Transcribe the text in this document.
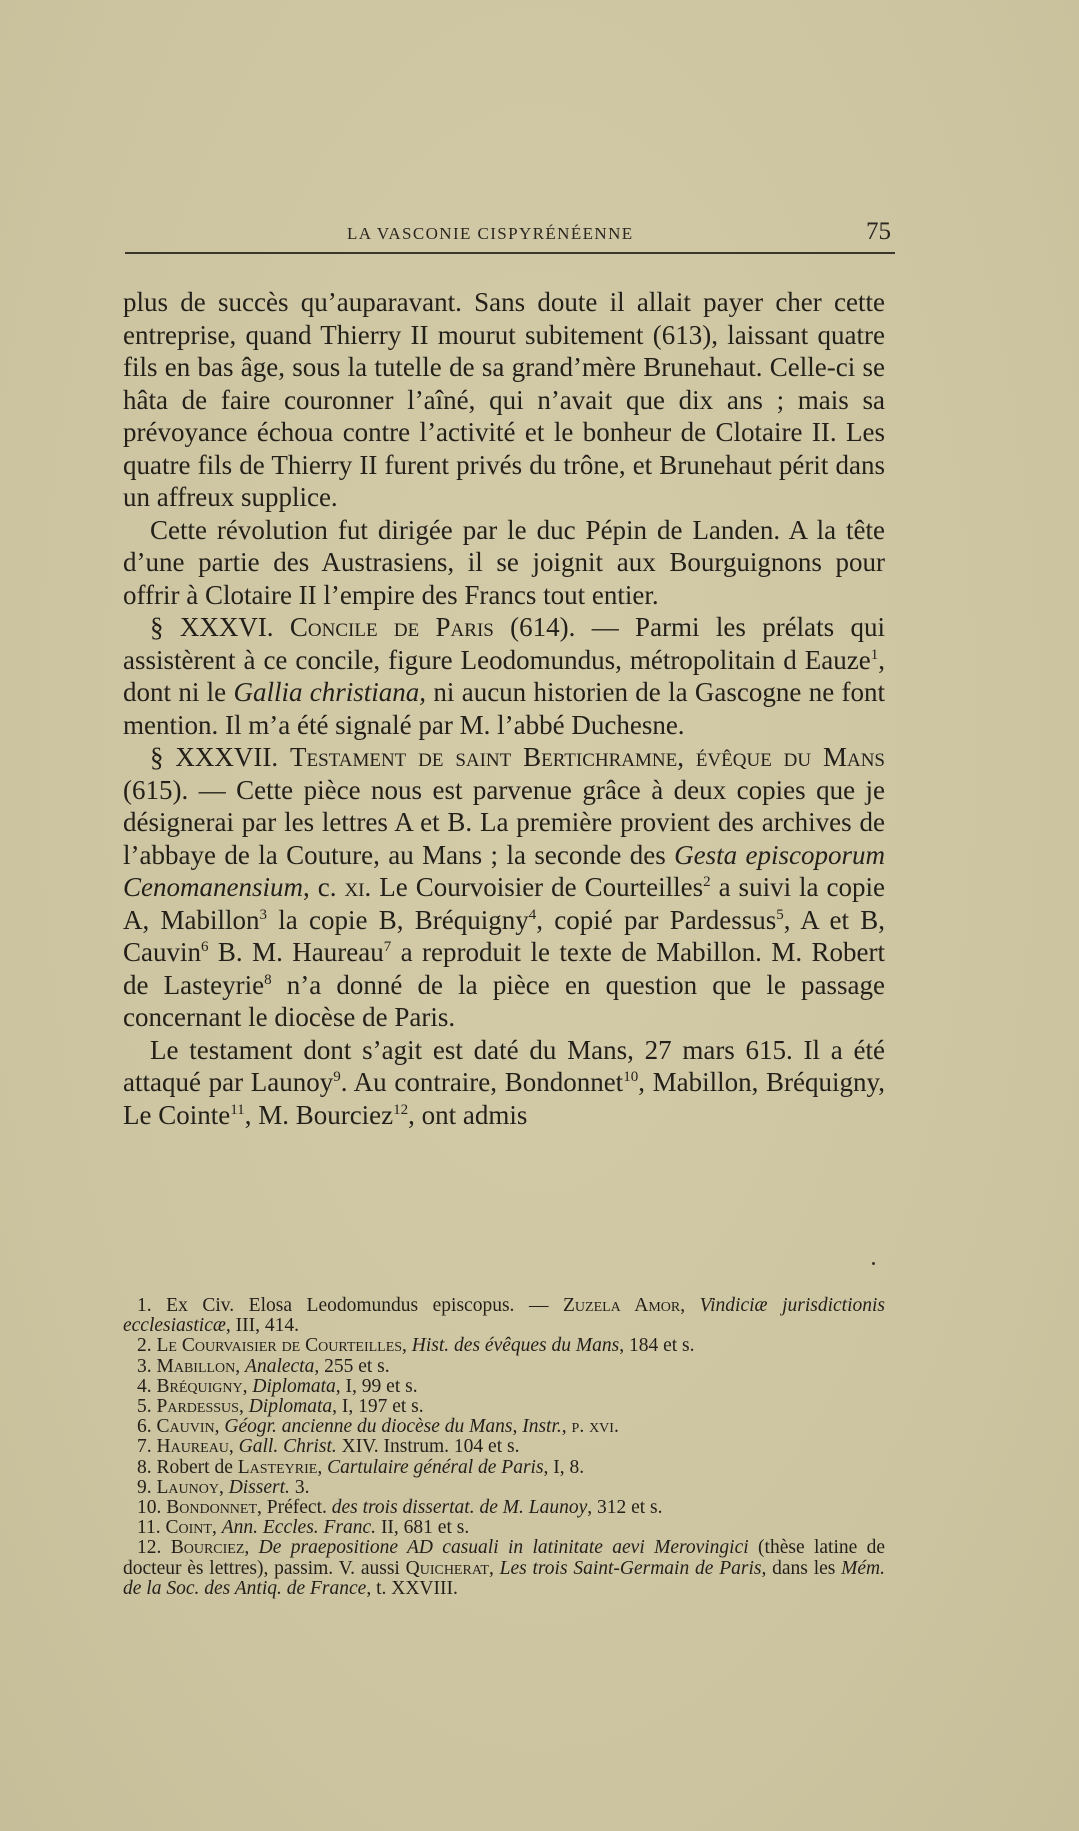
LA VASCONIE CISPYRÉNÉENNE	75

plus de succès qu’auparavant. Sans doute il allait payer cher cette entreprise, quand Thierry II mourut subitement (613), laissant quatre fils en bas âge, sous la tutelle de sa grand’mère Brunehaut. Celle-ci se hâta de faire couronner l’aîné, qui n’avait que dix ans ; mais sa prévoyance échoua contre l’activité et le bonheur de Clotaire II. Les quatre fils de Thierry II furent privés du trône, et Brunehaut périt dans un affreux supplice.

Cette révolution fut dirigée par le duc Pépin de Landen. A la tête d’une partie des Austrasiens, il se joignit aux Bourguignons pour offrir à Clotaire II l’empire des Francs tout entier.

§ XXXVI. Concile de Paris (614). — Parmi les prélats qui assistèrent à ce concile, figure Leodomundus, métropolitain d Eauze$^1$, dont ni le Gallia christiana, ni aucun historien de la Gascogne ne font mention. Il m’a été signalé par M. l’abbé Duchesne.

§ XXXVII. Testament de saint Bertichramne, évêque du Mans (615). — Cette pièce nous est parvenue grâce à deux copies que je désignerai par les lettres A et B. La première provient des archives de l’abbaye de la Couture, au Mans ; la seconde des Gesta episcoporum Cenomanensium, c. xi. Le Courvoisier de Courteilles$^2$ a suivi la copie A, Mabillon$^3$ la copie B, Bréquigny$^4$, copié par Pardessus$^5$, A et B, Cauvin$^6$ B. M. Haureau$^7$ a reproduit le texte de Mabillon. M. Robert de Lasteyrie$^8$ n’a donné de la pièce en question que le passage concernant le diocèse de Paris.

Le testament dont s’agit est daté du Mans, 27 mars 615. Il a été attaqué par Launoy$^9$. Au contraire, Bondonnet$^{10}$, Mabillon, Bréquigny, Le Cointe$^{11}$, M. Bourciez$^{12}$, ont admis

1. Ex Civ. Elosa Leodomundus episcopus. — Zuzela Amor, Vindiciæ jurisdictionis ecclesiasticæ, III, 414.

2. Le Courvaisier de Courteilles, Hist. des évêques du Mans, 184 et s.

3. Mabillon, Analecta, 255 et s.

4. Bréquigny, Diplomata, I, 99 et s.

5. Pardessus, Diplomata, I, 197 et s.

6. Cauvin, Géogr. ancienne du diocèse du Mans, Instr., p. xvi.

7. Haureau, Gall. Christ. XIV. Instrum. 104 et s.

8. Robert de Lasteyrie, Cartulaire général de Paris, I, 8.

9. Launoy, Dissert. 3.

10. Bondonnet, Préfect. des trois dissertat. de M. Launoy, 312 et s.

11. Coint, Ann. Eccles. Franc. II, 681 et s.

12. Bourciez, De praepositione AD casuali in latinitate aevi Merovingici (thèse latine de docteur ès lettres), passim. V. aussi Quicherat, Les trois Saint-Germain de Paris, dans les Mém. de la Soc. des Antiq. de France, t. XXVIII.
